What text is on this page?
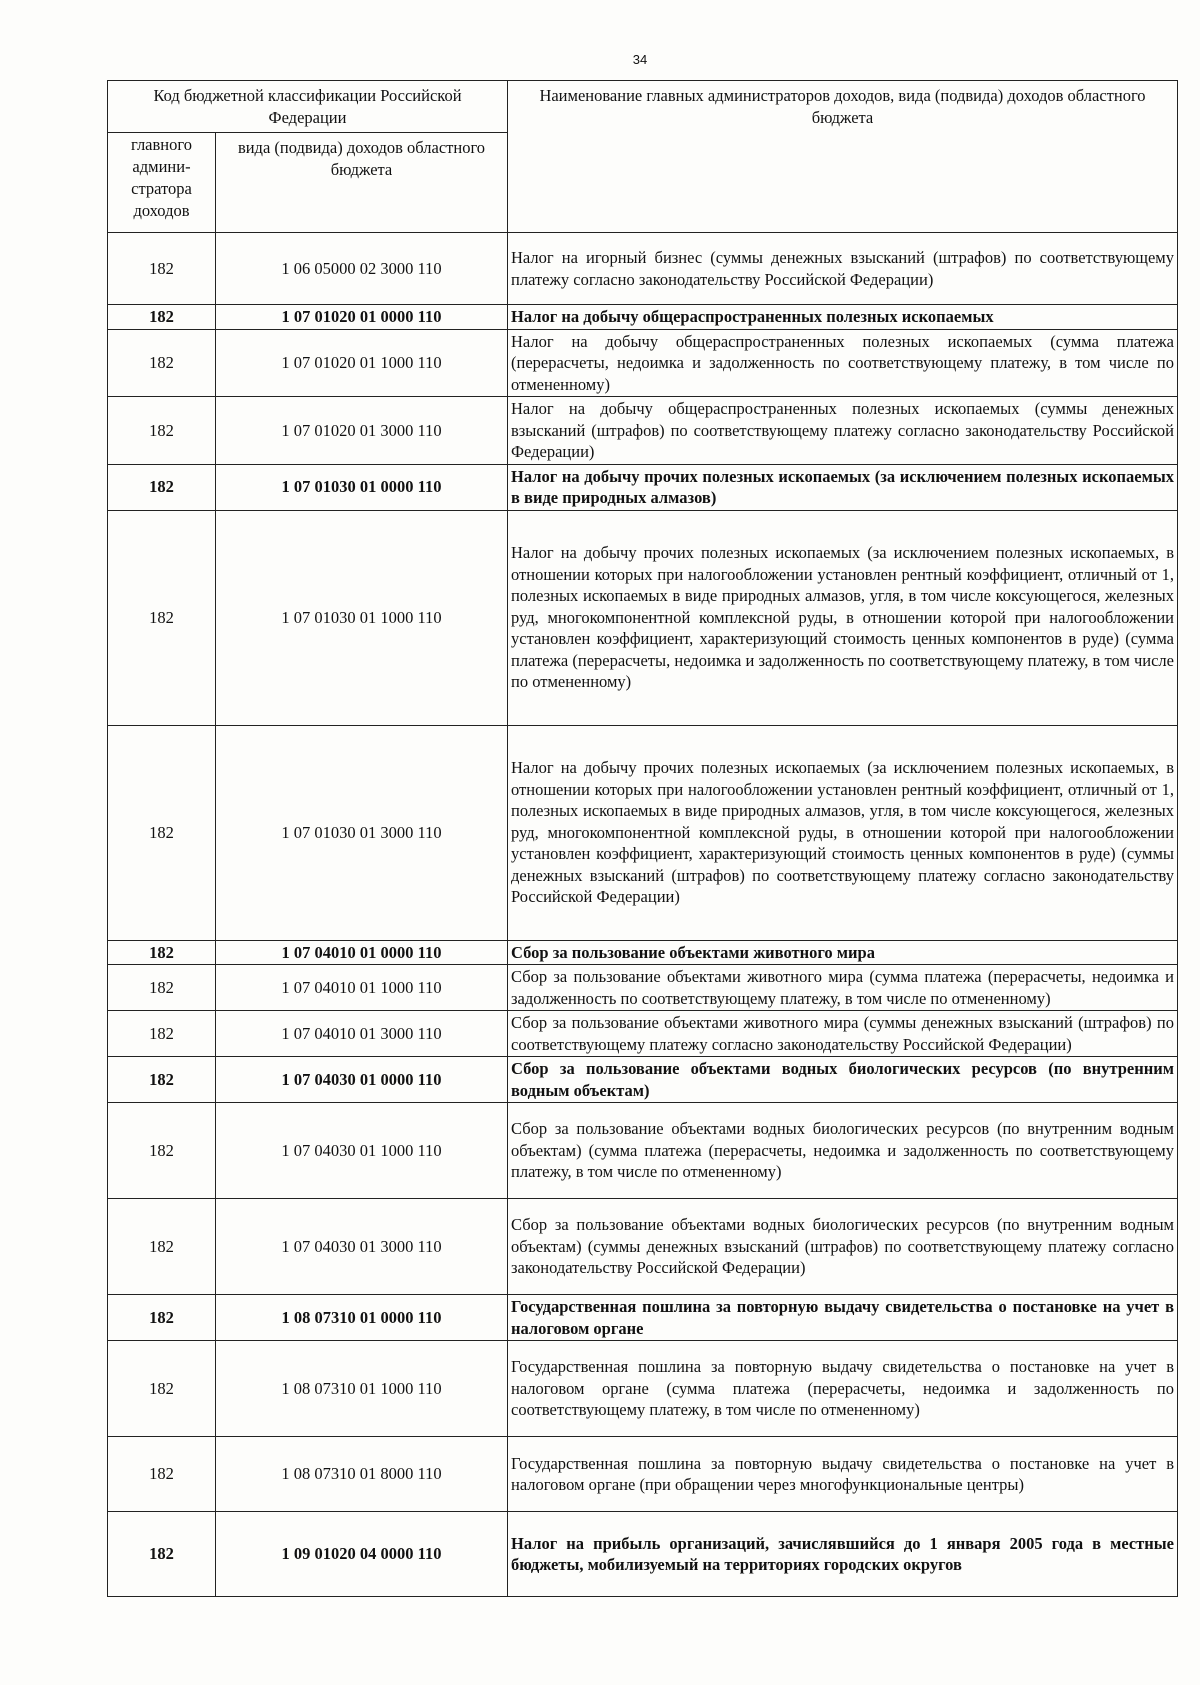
34
Код бюджетной классификации Российской Федерации		Наименование главных администраторов доходов, вида (подвида) доходов областного бюджета
главного админи-стратора доходов	вида (подвида) доходов областного бюджета	
182	1 06 05000 02 3000 110	Налог на игорный бизнес (суммы денежных взысканий (штрафов) по соответствующему платежу согласно законодательству Российской Федерации)
182	1 07 01020 01 0000 110	Налог на добычу общераспространенных полезных ископаемых
182	1 07 01020 01 1000 110	Налог на добычу общераспространенных полезных ископаемых (сумма платежа (перерасчеты, недоимка и задолженность по соответствующему платежу, в том числе по отмененному)
182	1 07 01020 01 3000 110	Налог на добычу общераспространенных полезных ископаемых (суммы денежных взысканий (штрафов) по соответствующему платежу согласно законодательству Российской Федерации)
182	1 07 01030 01 0000 110	Налог на добычу прочих полезных ископаемых (за исключением полезных ископаемых в виде природных алмазов)
182	1 07 01030 01 1000 110	Налог на добычу прочих полезных ископаемых (за исключением полезных ископаемых, в отношении которых при налогообложении установлен рентный коэффициент, отличный от 1, полезных ископаемых в виде природных алмазов, угля, в том числе коксующегося, железных руд, многокомпонентной комплексной руды, в отношении которой при налогообложении установлен коэффициент, характеризующий стоимость ценных компонентов в руде) (сумма платежа (перерасчеты, недоимка и задолженность по соответствующему платежу, в том числе по отмененному)
182	1 07 01030 01 3000 110	Налог на добычу прочих полезных ископаемых (за исключением полезных ископаемых, в отношении которых при налогообложении установлен рентный коэффициент, отличный от 1, полезных ископаемых в виде природных алмазов, угля, в том числе коксующегося, железных руд, многокомпонентной комплексной руды, в отношении которой при налогообложении установлен коэффициент, характеризующий стоимость ценных компонентов в руде) (суммы денежных взысканий (штрафов) по соответствующему платежу согласно законодательству Российской Федерации)
182	1 07 04010 01 0000 110	Сбор за пользование объектами животного мира
182	1 07 04010 01 1000 110	Сбор за пользование объектами животного мира (сумма платежа (перерасчеты, недоимка и задолженность по соответствующему платежу, в том числе по отмененному)
182	1 07 04010 01 3000 110	Сбор за пользование объектами животного мира (суммы денежных взысканий (штрафов) по соответствующему платежу согласно законодательству Российской Федерации)
182	1 07 04030 01 0000 110	Сбор за пользование объектами водных биологических ресурсов (по внутренним водным объектам)
182	1 07 04030 01 1000 110	Сбор за пользование объектами водных биологических ресурсов (по внутренним водным объектам) (сумма платежа (перерасчеты, недоимка и задолженность по соответствующему платежу, в том числе по отмененному)
182	1 07 04030 01 3000 110	Сбор за пользование объектами водных биологических ресурсов (по внутренним водным объектам) (суммы денежных взысканий (штрафов) по соответствующему платежу согласно законодательству Российской Федерации)
182	1 08 07310 01 0000 110	Государственная пошлина за повторную выдачу свидетельства о постановке на учет в налоговом органе
182	1 08 07310 01 1000 110	Государственная пошлина за повторную выдачу свидетельства о постановке на учет в налоговом органе (сумма платежа (перерасчеты, недоимка и задолженность по соответствующему платежу, в том числе по отмененному)
182	1 08 07310 01 8000 110	Государственная пошлина за повторную выдачу свидетельства о постановке на учет в налоговом органе (при обращении через многофункциональные центры)
182	1 09 01020 04 0000 110	Налог на прибыль организаций, зачислявшийся до 1 января 2005 года в местные бюджеты, мобилизуемый на территориях городских округов
